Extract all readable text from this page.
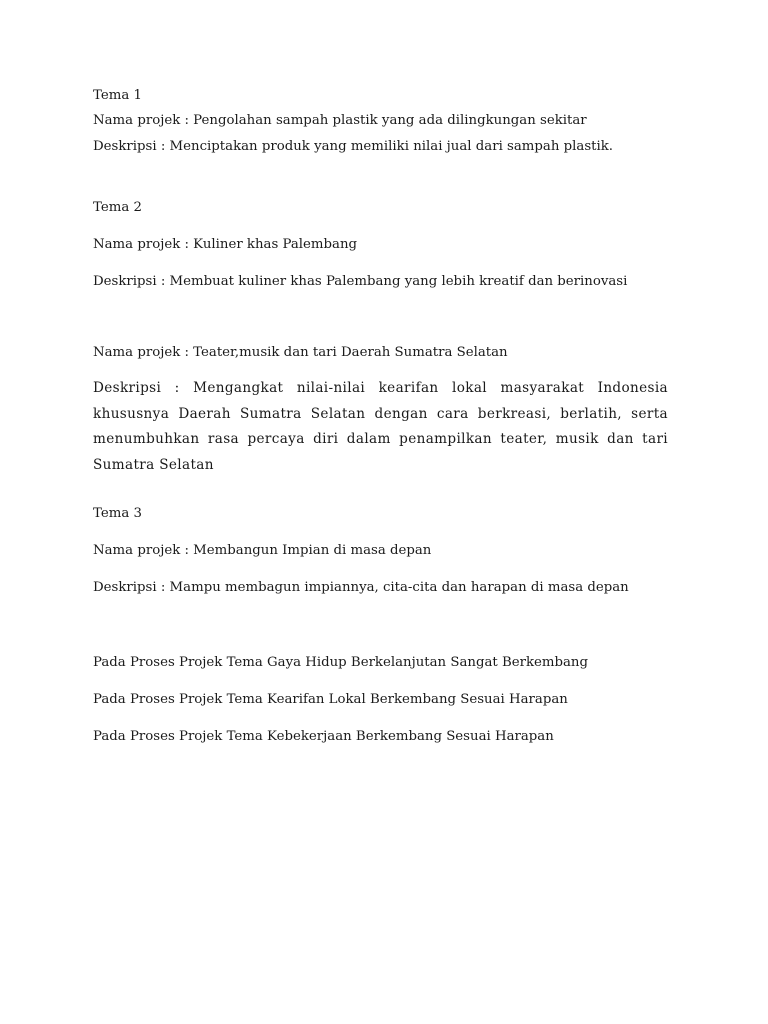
Tema 1
Nama projek : Pengolahan sampah plastik yang ada dilingkungan sekitar
Deskripsi : Menciptakan produk yang memiliki nilai jual dari sampah plastik.
Tema 2
Nama projek : Kuliner khas Palembang
Deskripsi : Membuat kuliner khas Palembang yang lebih kreatif dan berinovasi
Nama projek : Teater,musik dan tari Daerah Sumatra Selatan
Deskripsi : Mengangkat nilai-nilai kearifan lokal masyarakat Indonesia khususnya Daerah Sumatra Selatan dengan cara berkreasi, berlatih, serta menumbuhkan rasa percaya diri dalam penampilkan teater, musik dan tari Sumatra Selatan
Tema 3
Nama projek : Membangun Impian di masa depan
Deskripsi : Mampu membagun impiannya, cita-cita dan harapan di masa depan
Pada Proses Projek Tema Gaya Hidup Berkelanjutan Sangat Berkembang
Pada Proses Projek Tema Kearifan Lokal Berkembang Sesuai Harapan
Pada Proses Projek Tema Kebekerjaan Berkembang Sesuai Harapan
